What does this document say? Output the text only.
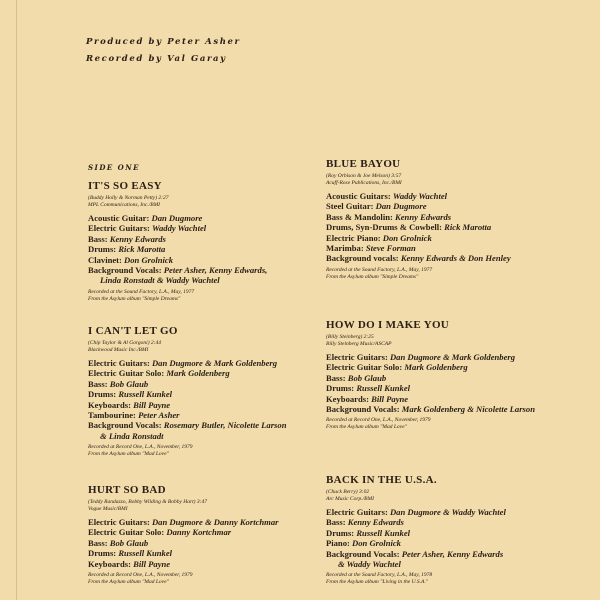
Produced by Peter Asher
Recorded by Val Garay
SIDE ONE
IT'S SO EASY
(Buddy Holly & Norman Petty) 2:27
MPL Communications, Inc./BMI
Acoustic Guitar: Dan Dugmore
Electric Guitars: Waddy Wachtel
Bass: Kenny Edwards
Drums: Rick Marotta
Clavinet: Don Grolnick
Background Vocals: Peter Asher, Kenny Edwards,
Linda Ronstadt & Waddy Wachtel
Recorded at the Sound Factory, L.A., May, 1977
From the Asylum album "Simple Dreams"
I CAN'T LET GO
(Chip Taylor & Al Gorgoni) 2:44
Blackwood Music Inc./BMI
Electric Guitars: Dan Dugmore & Mark Goldenberg
Electric Guitar Solo: Mark Goldenberg
Bass: Bob Glaub
Drums: Russell Kunkel
Keyboards: Bill Payne
Tambourine: Peter Asher
Background Vocals: Rosemary Butler, Nicolette Larson
& Linda Ronstadt
Recorded at Record One, L.A., November, 1979
From the Asylum album "Mad Love"
HURT SO BAD
(Teddy Randazzo, Bobby Wilding & Bobby Hart) 3:47
Vogue Music/BMI
Electric Guitars: Dan Dugmore & Danny Kortchmar
Electric Guitar Solo: Danny Kortchmar
Bass: Bob Glaub
Drums: Russell Kunkel
Keyboards: Bill Payne
Recorded at Record One, L.A., November, 1979
From the Asylum album "Mad Love"
BLUE BAYOU
(Roy Orbison & Joe Melson) 3:57
Acuff-Rose Publications, Inc./BMI
Acoustic Guitars: Waddy Wachtel
Steel Guitar: Dan Dugmore
Bass & Mandolin: Kenny Edwards
Drums, Syn-Drums & Cowbell: Rick Marotta
Electric Piano: Don Grolnick
Marimba: Steve Forman
Background vocals: Kenny Edwards & Don Henley
Recorded at the Sound Factory, L.A., May, 1977
From the Asylum album "Simple Dreams"
HOW DO I MAKE YOU
(Billy Steinberg) 2:25
Billy Steinberg Music/ASCAP
Electric Guitars: Dan Dugmore & Mark Goldenberg
Electric Guitar Solo: Mark Goldenberg
Bass: Bob Glaub
Drums: Russell Kunkel
Keyboards: Bill Payne
Background Vocals: Mark Goldenberg & Nicolette Larson
Recorded at Record One, L.A., November, 1979
From the Asylum album "Mad Love"
BACK IN THE U.S.A.
(Chuck Berry) 3:02
Arc Music Corp./BMI
Electric Guitars: Dan Dugmore & Waddy Wachtel
Bass: Kenny Edwards
Drums: Russell Kunkel
Piano: Don Grolnick
Background Vocals: Peter Asher, Kenny Edwards
& Waddy Wachtel
Recorded at the Sound Factory, L.A., May, 1978
From the Asylum album "Living in the U.S.A."
